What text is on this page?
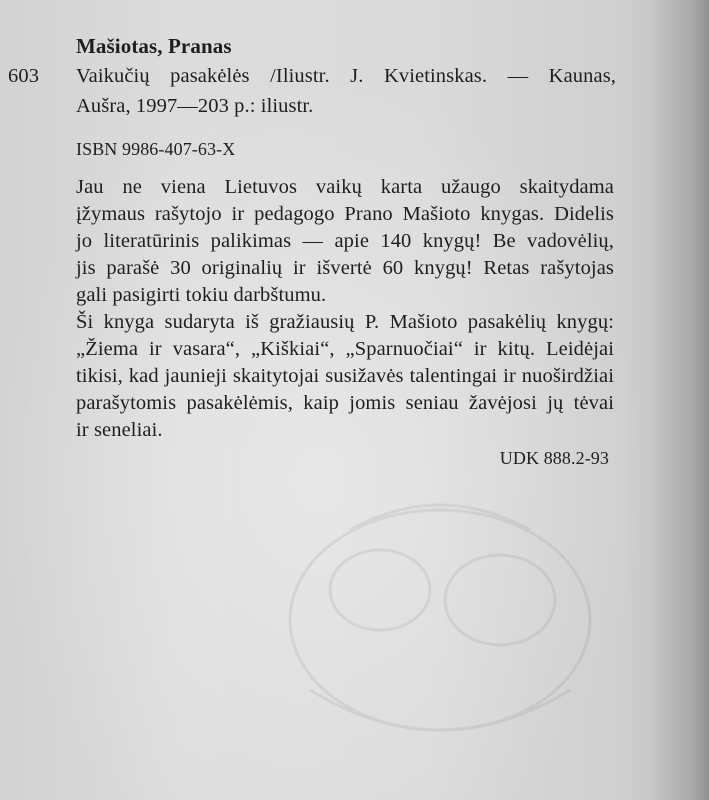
Mašiotas, Pranas
603 Vaikučių pasakėlės /Iliustr. J. Kvietinskas. — Kaunas,
Aušra, 1997—203 p.: iliustr.
ISBN 9986-407-63-X
Jau ne viena Lietuvos vaikų karta užaugo skaitydama
įžymaus rašytojo ir pedagogo Prano Mašioto knygas. Didelis
jo literatūrinis palikimas — apie 140 knygų! Be vadovėlių,
jis parašė 30 originalių ir išvertė 60 knygų! Retas rašytojas
gali pasigirti tokiu darbštumu.
Ši knyga sudaryta iš gražiausių P. Mašioto pasakėlių knygų:
„Žiema ir vasara“, „Kiškiai“, „Sparnuočiai“ ir kitų. Leidėjai
tikisi, kad jaunieji skaitytojai susižavės talentingai ir nuoširdžiai
parašytomis pasakėlėmis, kaip jomis seniau žavėjosi jų tėvai
ir seneliai.
UDK 888.2-93
